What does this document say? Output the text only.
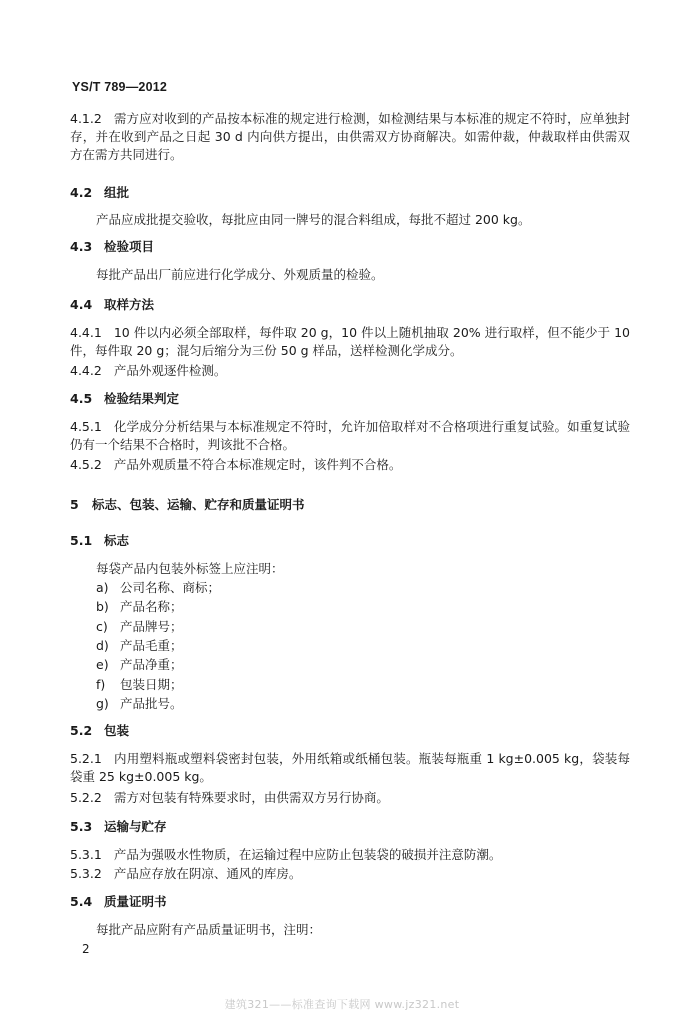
YS/T 789—2012
4.1.2 需方应对收到的产品按本标准的规定进行检测，如检测结果与本标准的规定不符时，应单独封存，并在收到产品之日起 30 d 内向供方提出，由供需双方协商解决。如需仲裁，仲裁取样由供需双方在需方共同进行。
4.2 组批
产品应成批提交验收，每批应由同一牌号的混合料组成，每批不超过 200 kg。
4.3 检验项目
每批产品出厂前应进行化学成分、外观质量的检验。
4.4 取样方法
4.4.1 10 件以内必须全部取样，每件取 20 g，10 件以上随机抽取 20% 进行取样，但不能少于 10 件，每件取 20 g；混匀后缩分为三份 50 g 样品，送样检测化学成分。
4.4.2 产品外观逐件检测。
4.5 检验结果判定
4.5.1 化学成分分析结果与本标准规定不符时，允许加倍取样对不合格项进行重复试验。如重复试验仍有一个结果不合格时，判该批不合格。
4.5.2 产品外观质量不符合本标准规定时，该件判不合格。
5 标志、包装、运输、贮存和质量证明书
5.1 标志
每袋产品内包装外标签上应注明：
a) 公司名称、商标；
b) 产品名称；
c) 产品牌号；
d) 产品毛重；
e) 产品净重；
f) 包装日期；
g) 产品批号。
5.2 包装
5.2.1 内用塑料瓶或塑料袋密封包装，外用纸箱或纸桶包装。瓶装每瓶重 1 kg±0.005 kg，袋装每袋重 25 kg±0.005 kg。
5.2.2 需方对包装有特殊要求时，由供需双方另行协商。
5.3 运输与贮存
5.3.1 产品为强吸水性物质，在运输过程中应防止包装袋的破损并注意防潮。
5.3.2 产品应存放在阴凉、通风的库房。
5.4 质量证明书
每批产品应附有产品质量证明书，注明：
2
建筑321——标准查询下载网 www.jz321.net
